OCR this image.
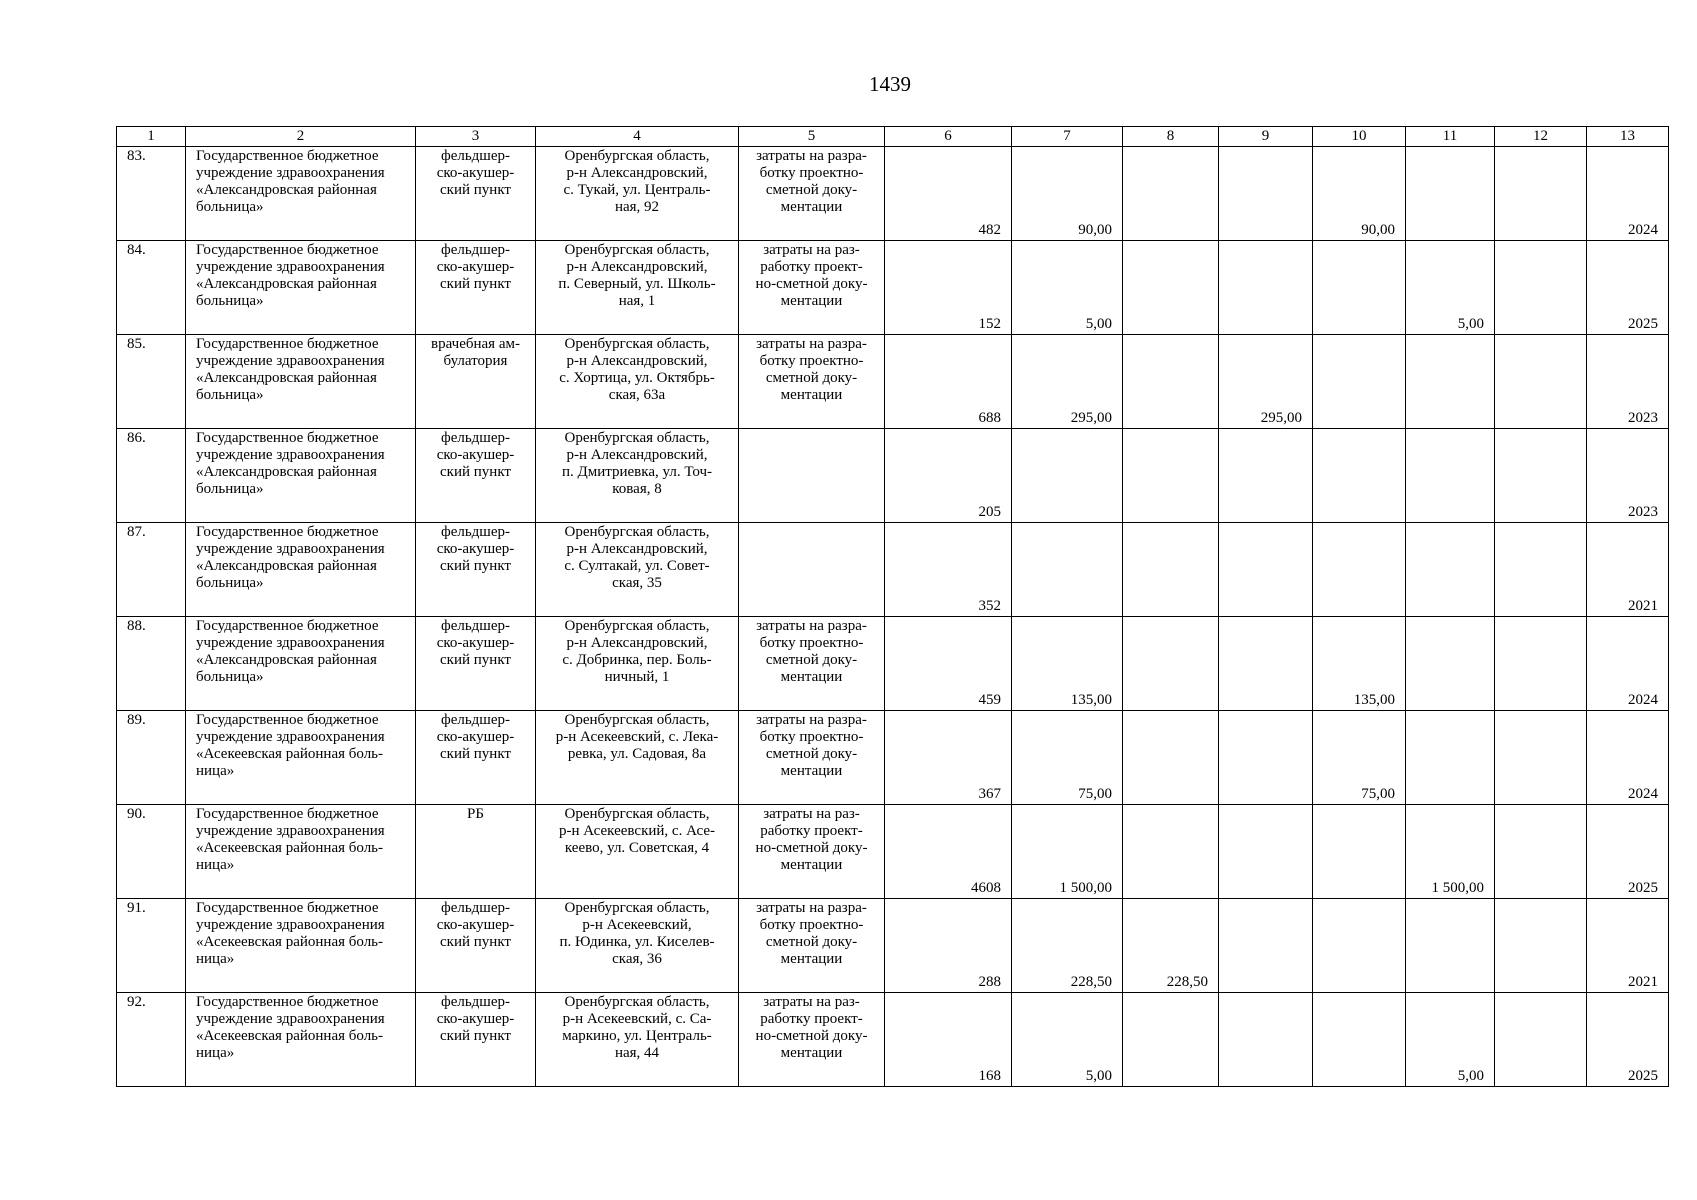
1439
1	2	3	4	5	6	7	8	9	10	11	12	13
83.	Государственное бюджетное
учреждение здравоохранения
«Александровская районная
больница»	фельдшер-
ско-акушер-
ский пункт	Оренбургская область,
р-н Александровский,
с. Тукай, ул. Централь-
ная, 92	затраты на разра-
ботку проектно-
сметной доку-
ментации	482	90,00			90,00			2024
84.	Государственное бюджетное
учреждение здравоохранения
«Александровская районная
больница»	фельдшер-
ско-акушер-
ский пункт	Оренбургская область,
р-н Александровский,
п. Северный, ул. Школь-
ная, 1	затраты на раз-
работку проект-
но-сметной доку-
ментации	152	5,00				5,00		2025
85.	Государственное бюджетное
учреждение здравоохранения
«Александровская районная
больница»	врачебная ам-
булатория	Оренбургская область,
р-н Александровский,
с. Хортица, ул. Октябрь-
ская, 63а	затраты на разра-
ботку проектно-
сметной доку-
ментации	688	295,00		295,00				2023
86.	Государственное бюджетное
учреждение здравоохранения
«Александровская районная
больница»	фельдшер-
ско-акушер-
ский пункт	Оренбургская область,
р-н Александровский,
п. Дмитриевка, ул. Точ-
ковая, 8		205							2023
87.	Государственное бюджетное
учреждение здравоохранения
«Александровская районная
больница»	фельдшер-
ско-акушер-
ский пункт	Оренбургская область,
р-н Александровский,
с. Султакай, ул. Совет-
ская, 35		352							2021
88.	Государственное бюджетное
учреждение здравоохранения
«Александровская районная
больница»	фельдшер-
ско-акушер-
ский пункт	Оренбургская область,
р-н Александровский,
с. Добринка, пер. Боль-
ничный, 1	затраты на разра-
ботку проектно-
сметной доку-
ментации	459	135,00			135,00			2024
89.	Государственное бюджетное
учреждение здравоохранения
«Асекеевская районная боль-
ница»	фельдшер-
ско-акушер-
ский пункт	Оренбургская область,
р-н Асекеевский, с. Лека-
ревка, ул. Садовая, 8а	затраты на разра-
ботку проектно-
сметной доку-
ментации	367	75,00			75,00			2024
90.	Государственное бюджетное
учреждение здравоохранения
«Асекеевская районная боль-
ница»	РБ	Оренбургская область,
р-н Асекеевский, с. Асе-
кеево, ул. Советская, 4	затраты на раз-
работку проект-
но-сметной доку-
ментации	4608	1 500,00				1 500,00		2025
91.	Государственное бюджетное
учреждение здравоохранения
«Асекеевская районная боль-
ница»	фельдшер-
ско-акушер-
ский пункт	Оренбургская область,
р-н Асекеевский,
п. Юдинка, ул. Киселев-
ская, 36	затраты на разра-
ботку проектно-
сметной доку-
ментации	288	228,50	228,50					2021
92.	Государственное бюджетное
учреждение здравоохранения
«Асекеевская районная боль-
ница»	фельдшер-
ско-акушер-
ский пункт	Оренбургская область,
р-н Асекеевский, с. Са-
маркино, ул. Централь-
ная, 44	затраты на раз-
работку проект-
но-сметной доку-
ментации	168	5,00				5,00		2025
